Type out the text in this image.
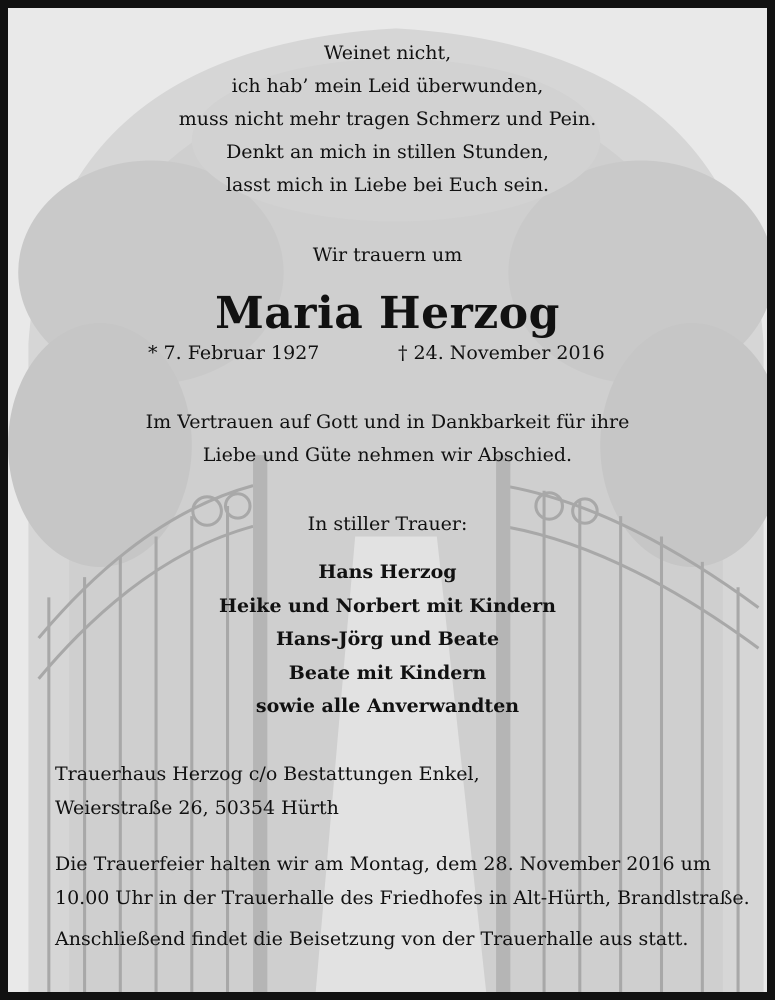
Weinet nicht,
ich hab’ mein Leid überwunden,
muss nicht mehr tragen Schmerz und Pein.
Denkt an mich in stillen Stunden,
lasst mich in Liebe bei Euch sein.
Wir trauern um
Maria Herzog
* 7. Februar 1927	† 24. November 2016
Im Vertrauen auf Gott und in Dankbarkeit für ihre
Liebe und Güte nehmen wir Abschied.
In stiller Trauer:
Hans Herzog
Heike und Norbert mit Kindern
Hans-Jörg und Beate
Beate mit Kindern
sowie alle Anverwandten
Trauerhaus Herzog c/o Bestattungen Enkel,
Weierstraße 26, 50354 Hürth
Die Trauerfeier halten wir am Montag, dem 28. November 2016 um
10.00 Uhr in der Trauerhalle des Friedhofes in Alt-Hürth, Brandlstraße.
Anschließend findet die Beisetzung von der Trauerhalle aus statt.
